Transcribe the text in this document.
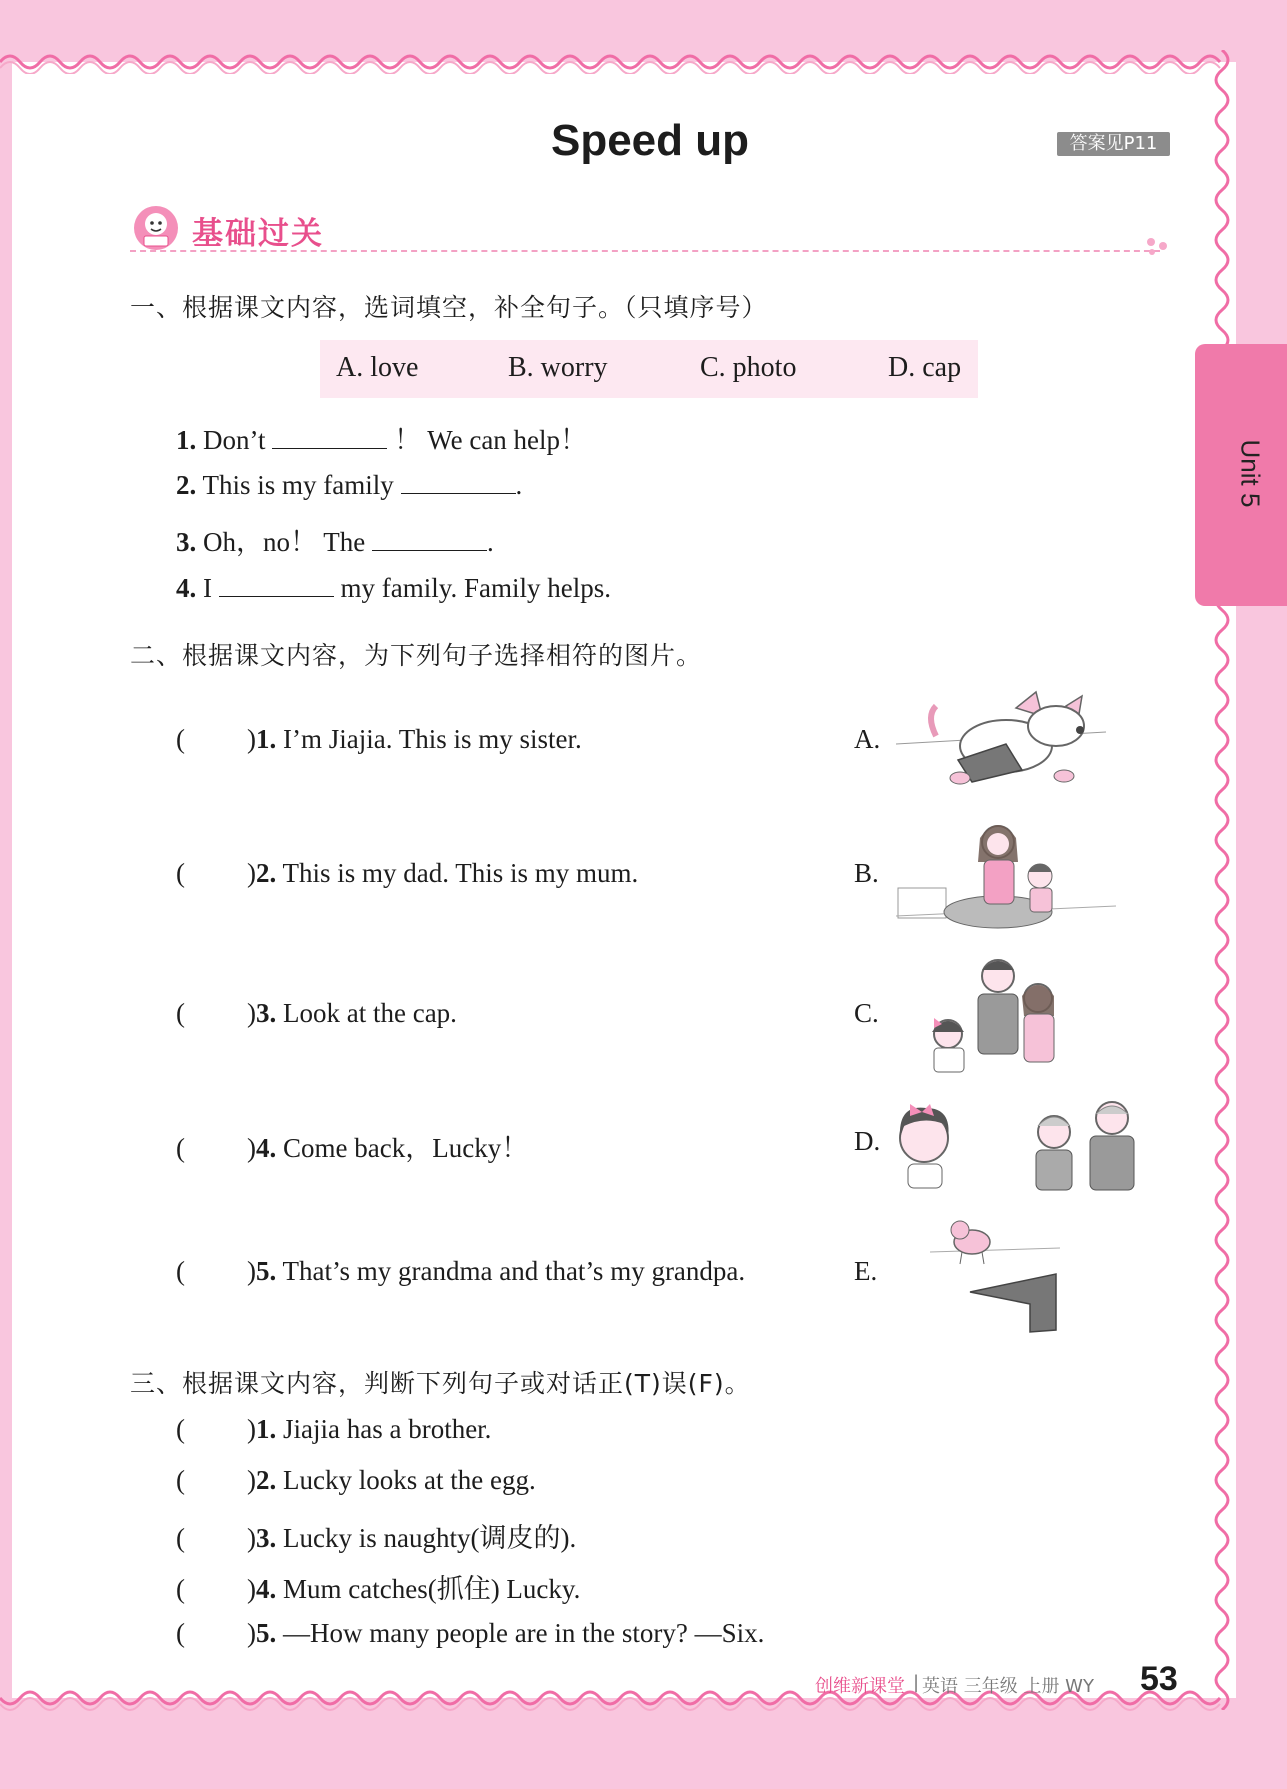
Unit 5
Speed up	答案见P11
基础过关
一、根据课文内容，选词填空，补全句子。（只填序号）
A. love	B. worry	C. photo	D. cap
1. Don’t	！ We can help！
2. This is my family	.
3. Oh，no！ The	.
4. I	my family. Family helps.
二、根据课文内容，为下列句子选择相符的图片。
( )1. I’m Jiajia. This is my sister.
( )2. This is my dad. This is my mum.
( )3. Look at the cap.
( )4. Come back，Lucky！
( )5. That’s my grandma and that’s my grandpa.
A.
B.
C.
D.
E.
三、根据课文内容，判断下列句子或对话正(T)误(F)。
( )1. Jiajia has a brother.
( )2. Lucky looks at the egg.
( )3. Lucky is naughty(调皮的).
( )4. Mum catches(抓住) Lucky.
( )5. —How many people are in the story? —Six.
创维新课堂 | 英语 三年级 上册 WY 53
